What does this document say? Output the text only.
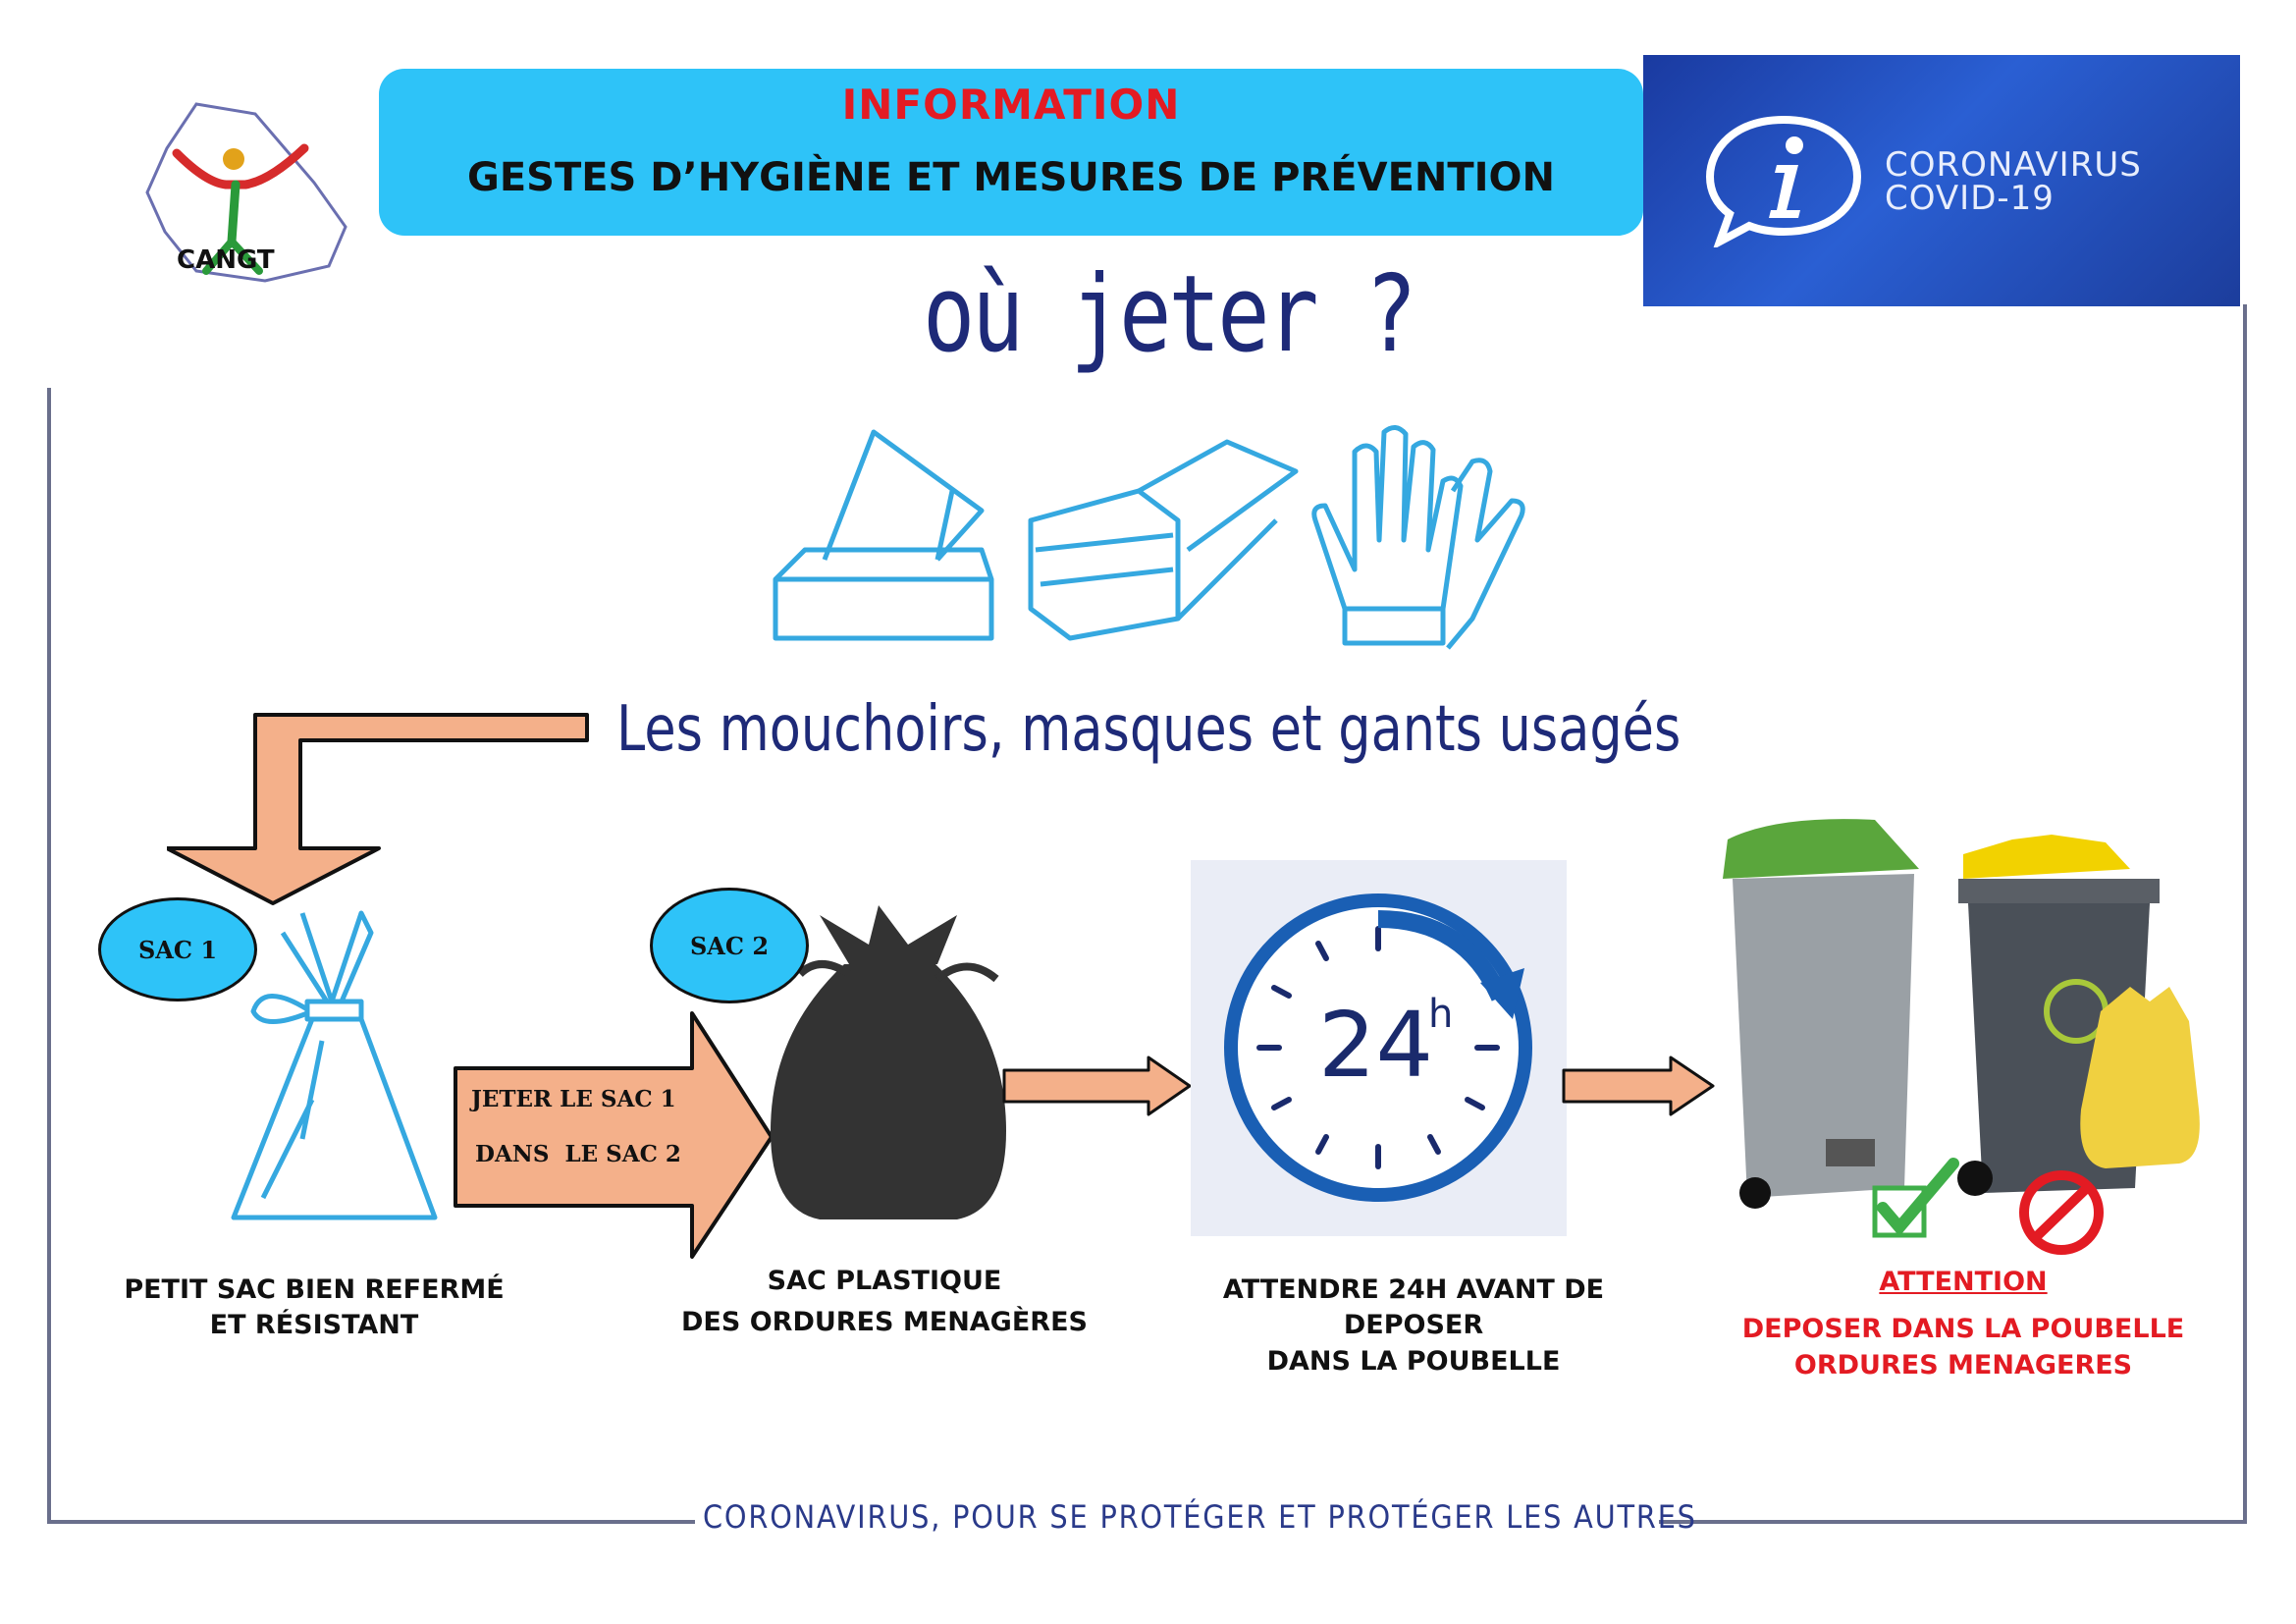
CANGT
INFORMATION
GESTES D’HYGIÈNE ET MESURES DE PRÉVENTION	CORONAVIRUS
COVID-19
où jeter ?
Les mouchoirs, masques et gants usagés
SAC 1
JETER LE SAC 1
DANS  LE SAC 2
SAC 2
24
h
PETIT SAC BIEN REFERMÉ
ET RÉSISTANT
SAC PLASTIQUE
DES ORDURES MENAGÈRES
ATTENDRE 24H AVANT DE DEPOSER
DANS LA POUBELLE
ATTENTION
DEPOSER DANS LA POUBELLE
ORDURES MENAGERES
CORONAVIRUS, POUR SE PROTÉGER ET PROTÉGER LES AUTRES
